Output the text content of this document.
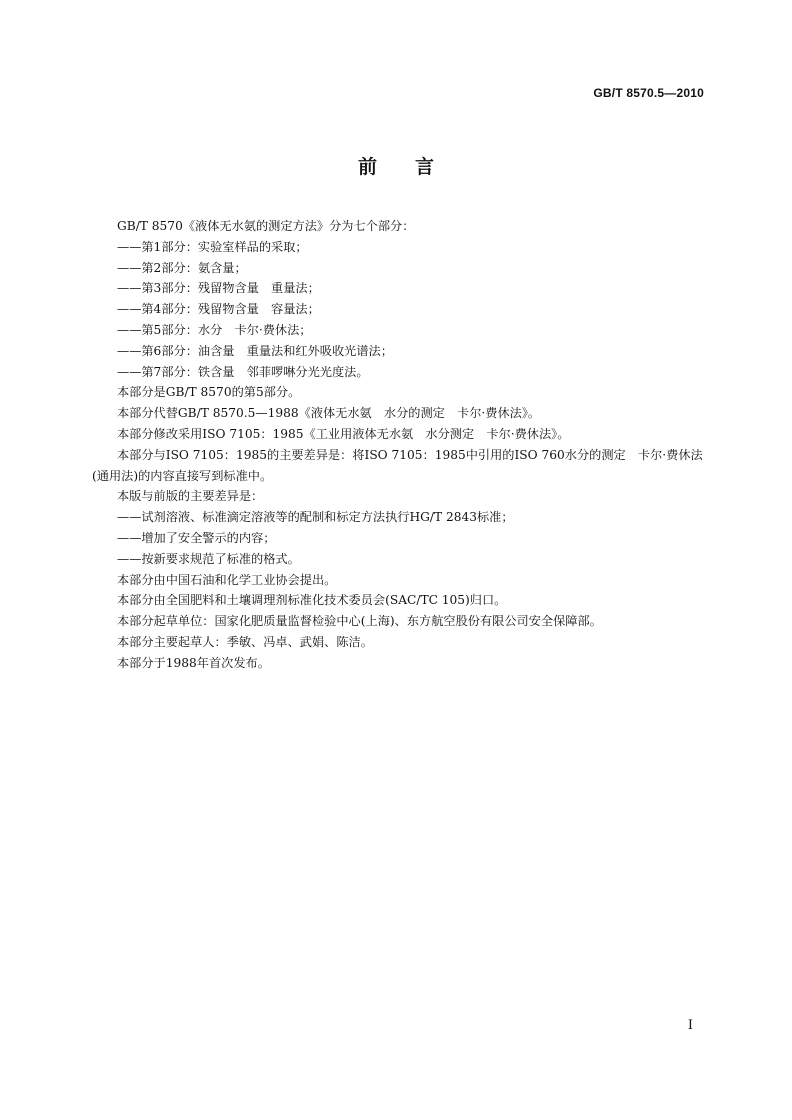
GB/T 8570.5—2010
前言

GB/T 8570《液体无水氨的测定方法》分为七个部分：

——第1部分：实验室样品的采取；

——第2部分：氨含量；

——第3部分：残留物含量　重量法；

——第4部分：残留物含量　容量法；

——第5部分：水分　卡尔·费休法；

——第6部分：油含量　重量法和红外吸收光谱法；

——第7部分：铁含量　邻菲啰啉分光光度法。

本部分是GB/T 8570的第5部分。

本部分代替GB/T 8570.5—1988《液体无水氨　水分的测定　卡尔·费休法》。

本部分修改采用ISO 7105：1985《工业用液体无水氨　水分测定　卡尔·费休法》。

本部分与ISO 7105：1985的主要差异是：将ISO 7105：1985中引用的ISO 760水分的测定　卡尔·费休法(通用法)的内容直接写到标准中。

本版与前版的主要差异是：

——试剂溶液、标准滴定溶液等的配制和标定方法执行HG/T 2843标准；

——增加了安全警示的内容；

——按新要求规范了标准的格式。

本部分由中国石油和化学工业协会提出。

本部分由全国肥料和土壤调理剂标准化技术委员会(SAC/TC 105)归口。

本部分起草单位：国家化肥质量监督检验中心(上海)、东方航空股份有限公司安全保障部。

本部分主要起草人：季敏、冯卓、武娟、陈洁。

本部分于1988年首次发布。

I
